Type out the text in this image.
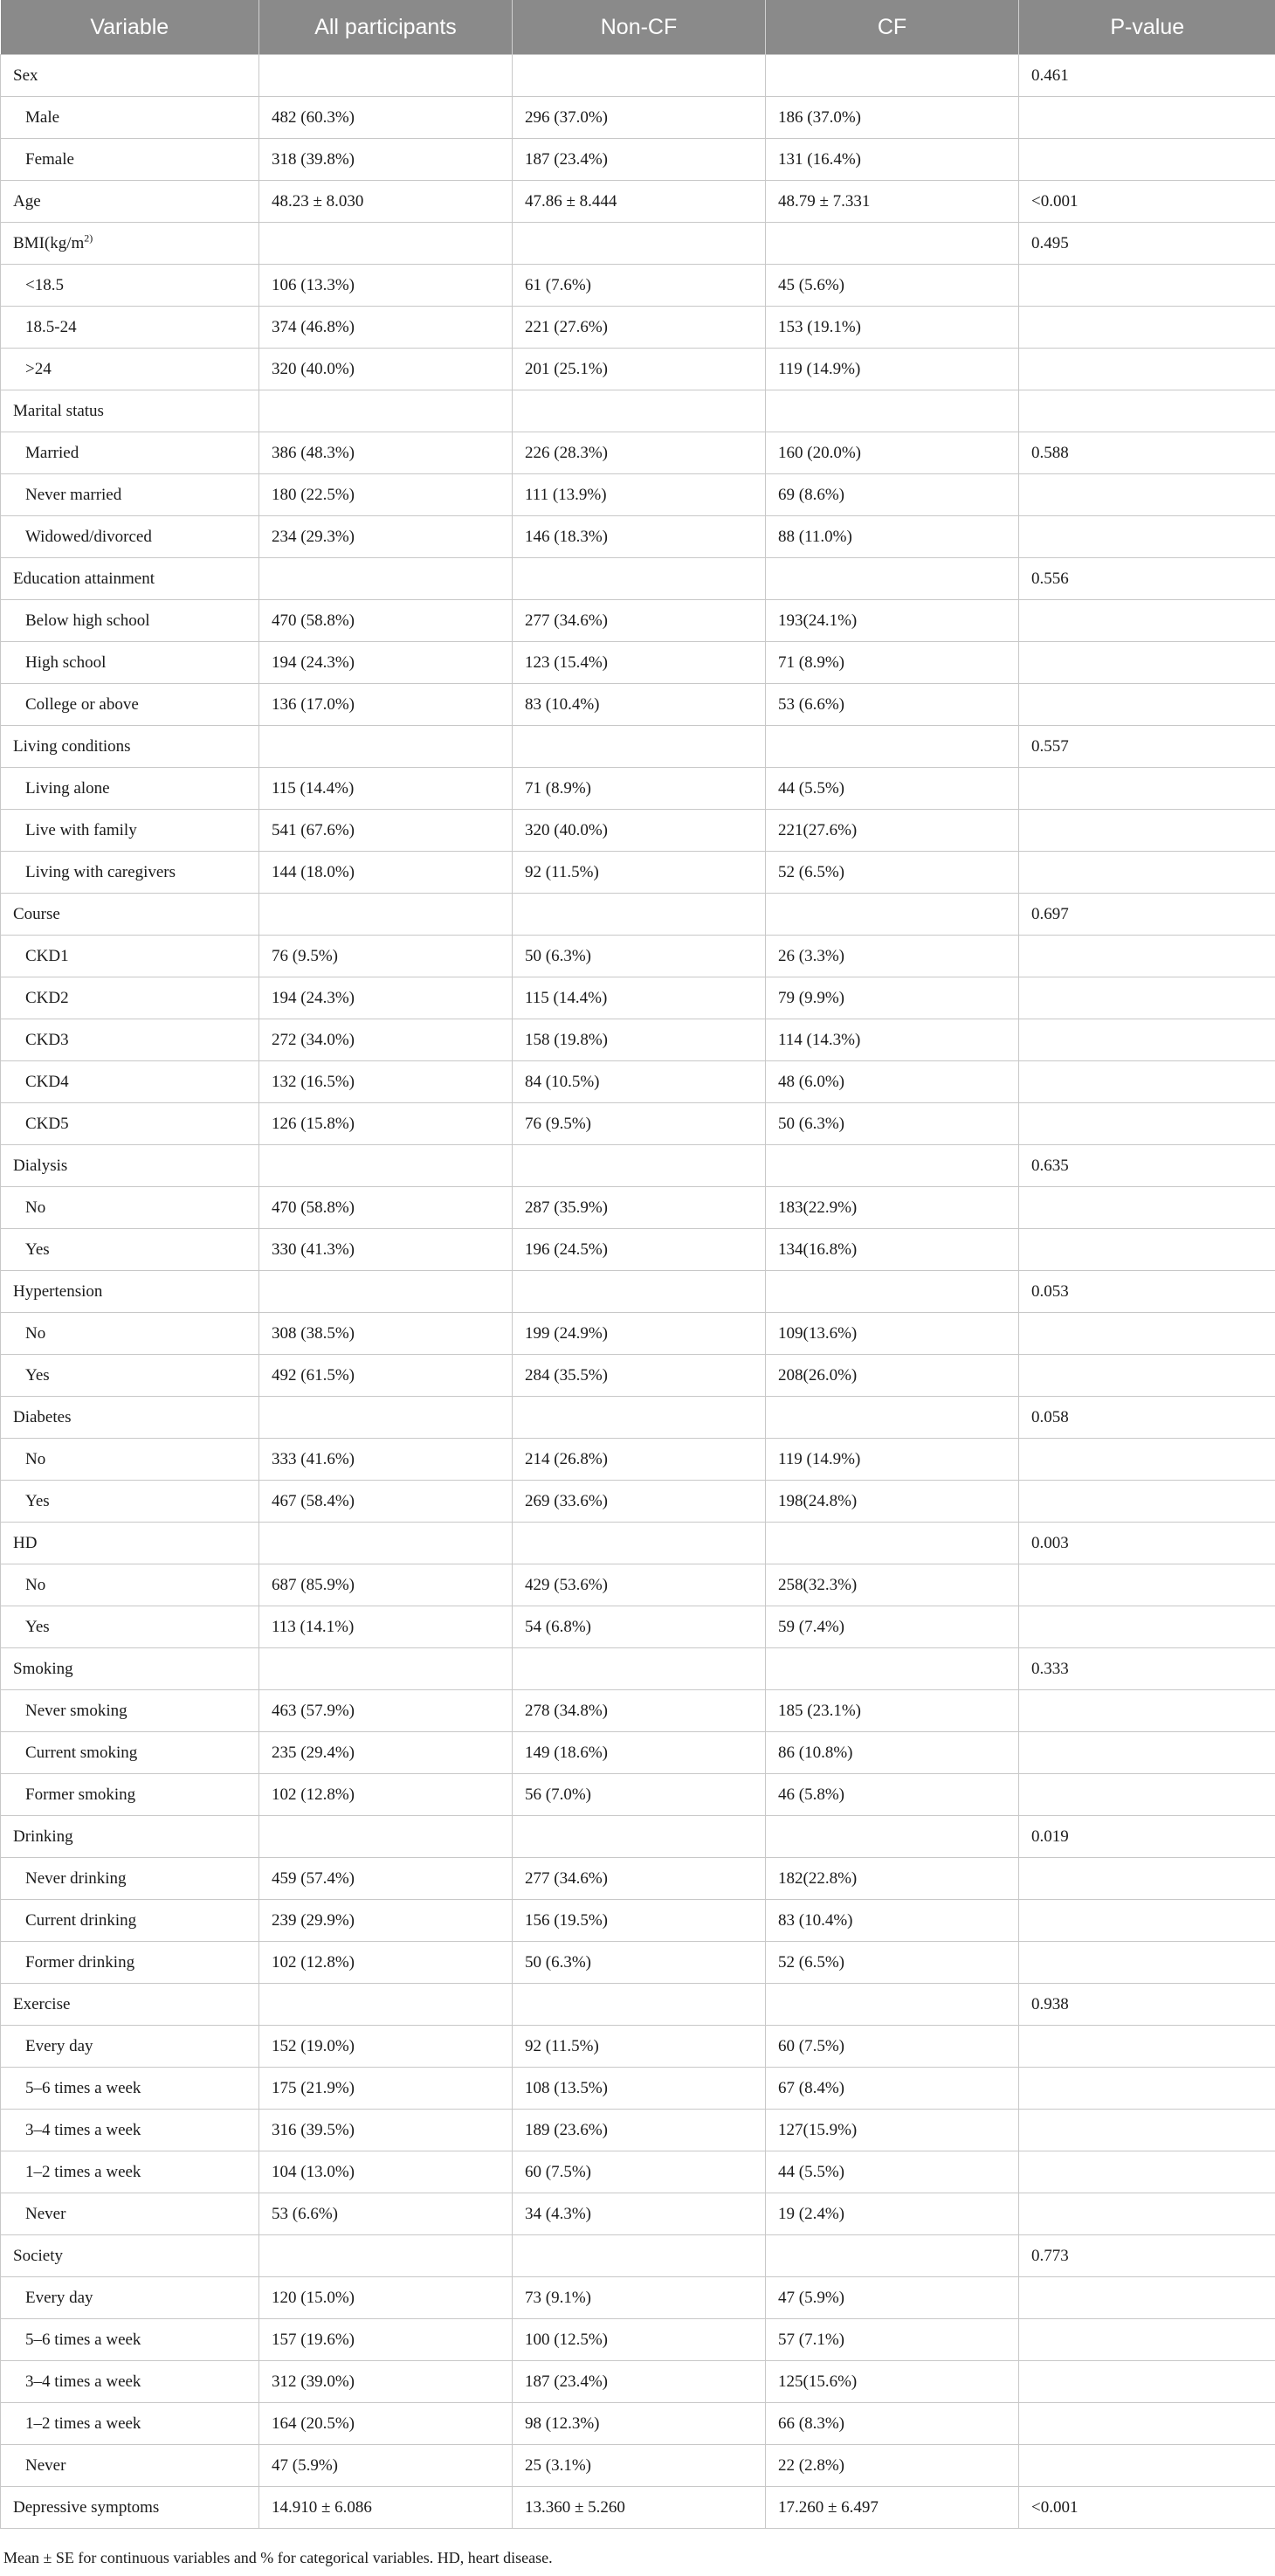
Variable	All participants	Non-CF	CF	P-value
Sex				0.461
Male	482 (60.3%)	296 (37.0%)	186 (37.0%)	
Female	318 (39.8%)	187 (23.4%)	131 (16.4%)	
Age	48.23 ± 8.030	47.86 ± 8.444	48.79 ± 7.331	<0.001
$BMI(kg/m^{2)}$				0.495
<18.5	106 (13.3%)	61 (7.6%)	45 (5.6%)	
18.5-24	374 (46.8%)	221 (27.6%)	153 (19.1%)	
>24	320 (40.0%)	201 (25.1%)	119 (14.9%)	
Marital status				
Married	386 (48.3%)	226 (28.3%)	160 (20.0%)	0.588
Never married	180 (22.5%)	111 (13.9%)	69 (8.6%)	
Widowed/divorced	234 (29.3%)	146 (18.3%)	88 (11.0%)	
Education attainment				0.556
Below high school	470 (58.8%)	277 (34.6%)	193(24.1%)	
High school	194 (24.3%)	123 (15.4%)	71 (8.9%)	
College or above	136 (17.0%)	83 (10.4%)	53 (6.6%)	
Living conditions				0.557
Living alone	115 (14.4%)	71 (8.9%)	44 (5.5%)	
Live with family	541 (67.6%)	320 (40.0%)	221(27.6%)	
Living with caregivers	144 (18.0%)	92 (11.5%)	52 (6.5%)	
Course				0.697
CKD1	76 (9.5%)	50 (6.3%)	26 (3.3%)	
CKD2	194 (24.3%)	115 (14.4%)	79 (9.9%)	
CKD3	272 (34.0%)	158 (19.8%)	114 (14.3%)	
CKD4	132 (16.5%)	84 (10.5%)	48 (6.0%)	
CKD5	126 (15.8%)	76 (9.5%)	50 (6.3%)	
Dialysis				0.635
No	470 (58.8%)	287 (35.9%)	183(22.9%)	
Yes	330 (41.3%)	196 (24.5%)	134(16.8%)	
Hypertension				0.053
No	308 (38.5%)	199 (24.9%)	109(13.6%)	
Yes	492 (61.5%)	284 (35.5%)	208(26.0%)	
Diabetes				0.058
No	333 (41.6%)	214 (26.8%)	119 (14.9%)	
Yes	467 (58.4%)	269 (33.6%)	198(24.8%)	
HD				0.003
No	687 (85.9%)	429 (53.6%)	258(32.3%)	
Yes	113 (14.1%)	54 (6.8%)	59 (7.4%)	
Smoking				0.333
Never smoking	463 (57.9%)	278 (34.8%)	185 (23.1%)	
Current smoking	235 (29.4%)	149 (18.6%)	86 (10.8%)	
Former smoking	102 (12.8%)	56 (7.0%)	46 (5.8%)	
Drinking				0.019
Never drinking	459 (57.4%)	277 (34.6%)	182(22.8%)	
Current drinking	239 (29.9%)	156 (19.5%)	83 (10.4%)	
Former drinking	102 (12.8%)	50 (6.3%)	52 (6.5%)	
Exercise				0.938
Every day	152 (19.0%)	92 (11.5%)	60 (7.5%)	
5–6 times a week	175 (21.9%)	108 (13.5%)	67 (8.4%)	
3–4 times a week	316 (39.5%)	189 (23.6%)	127(15.9%)	
1–2 times a week	104 (13.0%)	60 (7.5%)	44 (5.5%)	
Never	53 (6.6%)	34 (4.3%)	19 (2.4%)	
Society				0.773
Every day	120 (15.0%)	73 (9.1%)	47 (5.9%)	
5–6 times a week	157 (19.6%)	100 (12.5%)	57 (7.1%)	
3–4 times a week	312 (39.0%)	187 (23.4%)	125(15.6%)	
1–2 times a week	164 (20.5%)	98 (12.3%)	66 (8.3%)	
Never	47 (5.9%)	25 (3.1%)	22 (2.8%)	
Depressive symptoms	14.910 ± 6.086	13.360 ± 5.260	17.260 ± 6.497	<0.001
Mean ± SE for continuous variables and % for categorical variables. HD, heart disease.
